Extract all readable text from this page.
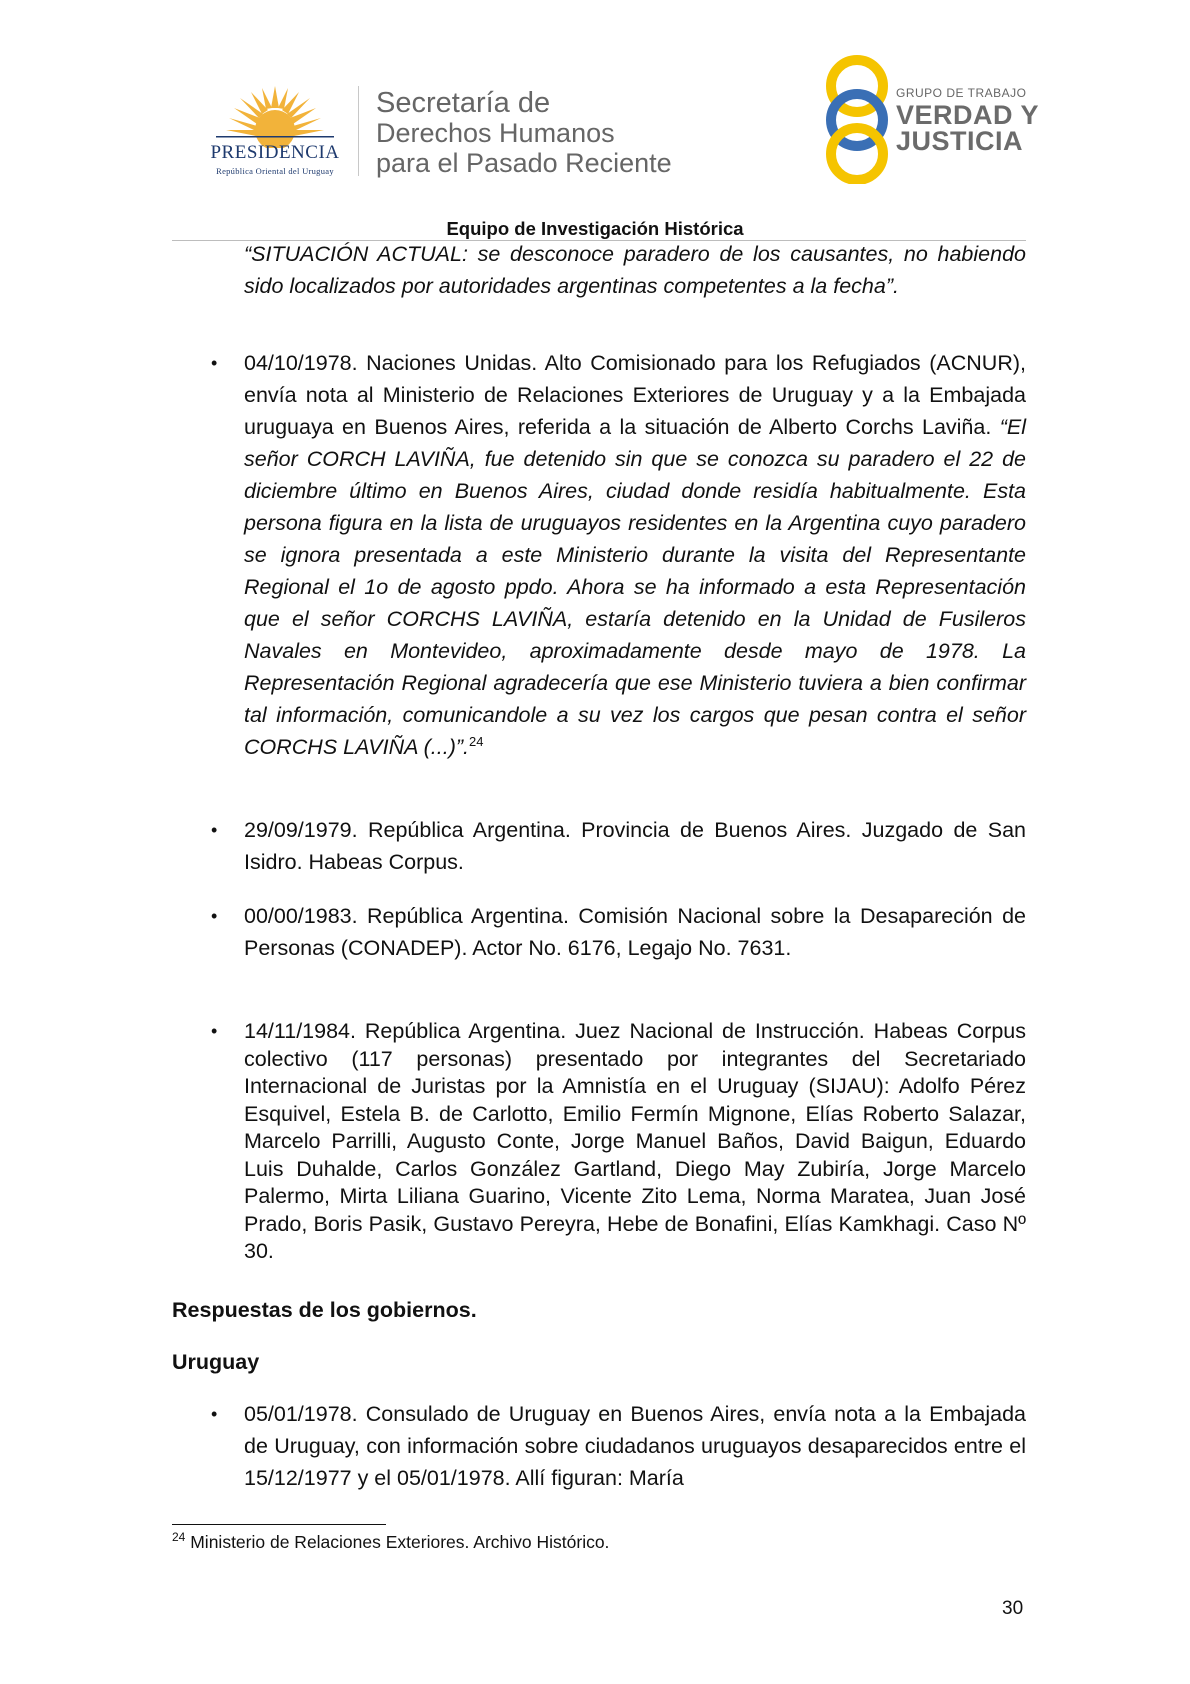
PRESIDENCIA
República Oriental del Uruguay
Secretaría de
Derechos Humanos
para el Pasado Reciente
GRUPO DE TRABAJO
VERDAD Y
JUSTICIA
Equipo de Investigación Histórica
“SITUACIÓN ACTUAL: se desconoce paradero de los causantes, no habiendo sido localizados por autoridades argentinas competentes a la fecha”.
• 04/10/1978. Naciones Unidas. Alto Comisionado para los Refugiados (ACNUR), envía nota al Ministerio de Relaciones Exteriores de Uruguay y a la Embajada uruguaya en Buenos Aires, referida a la situación de Alberto Corchs Laviña. “El señor CORCH LAVIÑA, fue detenido sin que se conozca su paradero el 22 de diciembre último en Buenos Aires, ciudad donde residía habitualmente. Esta persona figura en la lista de uruguayos residentes en la Argentina cuyo paradero se ignora presentada a este Ministerio durante la visita del Representante Regional el 1o de agosto ppdo. Ahora se ha informado a esta Representación que el señor CORCHS LAVIÑA, estaría detenido en la Unidad de Fusileros Navales en Montevideo, aproximadamente desde mayo de 1978. La Representación Regional agradecería que ese Ministerio tuviera a bien confirmar tal información, comunicandole a su vez los cargos que pesan contra el señor CORCHS LAVIÑA (...)”.$^{24}$
• 29/09/1979. República Argentina. Provincia de Buenos Aires. Juzgado de San Isidro. Habeas Corpus.
• 00/00/1983. República Argentina. Comisión Nacional sobre la Desapareción de Personas (CONADEP). Actor No. 6176, Legajo No. 7631.
• 14/11/1984. República Argentina. Juez Nacional de Instrucción. Habeas Corpus colectivo (117 personas) presentado por integrantes del Secretariado Internacional de Juristas por la Amnistía en el Uruguay (SIJAU): Adolfo Pérez Esquivel, Estela B. de Carlotto, Emilio Fermín Mignone, Elías Roberto Salazar, Marcelo Parrilli, Augusto Conte, Jorge Manuel Baños, David Baigun, Eduardo Luis Duhalde, Carlos González Gartland, Diego May Zubiría, Jorge Marcelo Palermo, Mirta Liliana Guarino, Vicente Zito Lema, Norma Maratea, Juan José Prado, Boris Pasik, Gustavo Pereyra, Hebe de Bonafini, Elías Kamkhagi. Caso Nº 30.
Respuestas de los gobiernos.
Uruguay
• 05/01/1978. Consulado de Uruguay en Buenos Aires, envía nota a la Embajada de Uruguay, con información sobre ciudadanos uruguayos desaparecidos entre el 15/12/1977 y el 05/01/1978. Allí figuran: María
$^{24}$ Ministerio de Relaciones Exteriores. Archivo Histórico.
30
